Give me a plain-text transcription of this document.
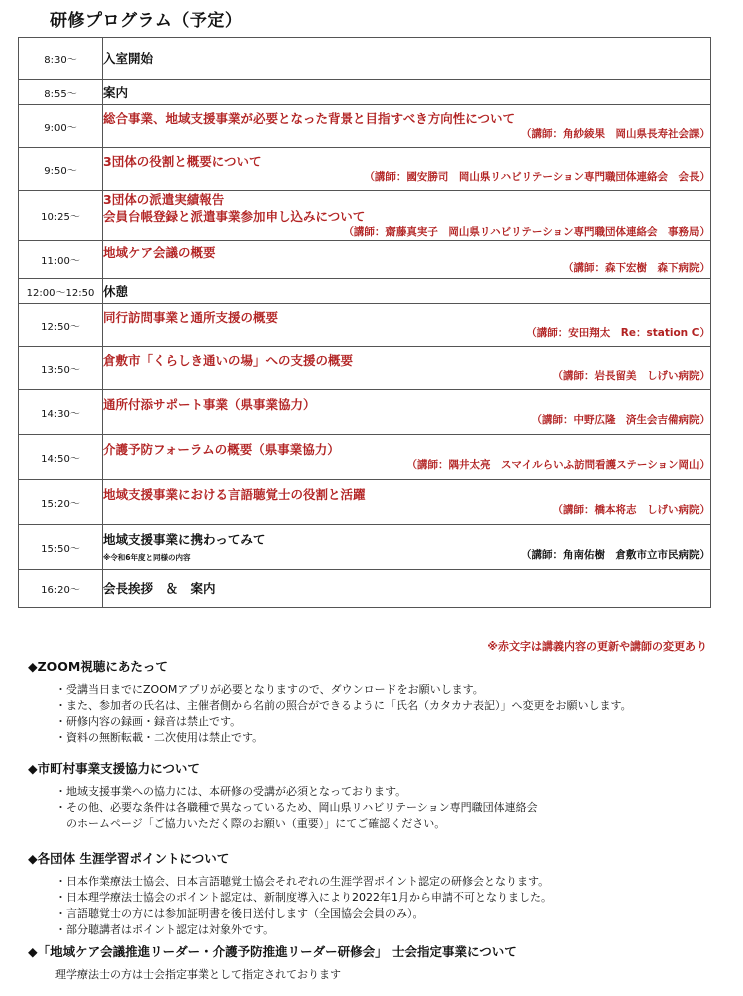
研修プログラム（予定）
8:30～	入室開始

8:55～	案内

9:00～	総合事業、地域支援事業が必要となった背景と目指すべき方向性について
（講師：角紗綾果　岡山県長寿社会課）

9:50～	3団体の役割と概要について
（講師：國安勝司　岡山県リハビリテーション専門職団体連絡会　会長）

10:25～	3団体の派遣実績報告
会員台帳登録と派遣事業参加申し込みについて
（講師：齋藤真実子　岡山県リハビリテーション専門職団体連絡会　事務局）

11:00～	地域ケア会議の概要
（講師：森下宏樹　森下病院）

12:00～12:50	休憩

12:50～	同行訪問事業と通所支援の概要
（講師：安田翔太　Re：station C）

13:50～	倉敷市「くらしき通いの場」への支援の概要
（講師：岩長留美　しげい病院）

14:30～	通所付添サポート事業（県事業協力）
（講師：中野広隆　済生会吉備病院）

14:50～	介護予防フォーラムの概要（県事業協力）
（講師：隅井太亮　スマイルらいふ訪問看護ステーション岡山）

15:20～	地域支援事業における言語聴覚士の役割と活躍
（講師：橋本将志　しげい病院）

15:50～	地域支援事業に携わってみて
※令和6年度と同様の内容 （講師：角南佑樹　倉敷市立市民病院）

16:20～	会長挨拶　＆　案内
※赤文字は講義内容の更新や講師の変更あり
◆ZOOM視聴にあたって
・受講当日までにZOOMアプリが必要となりますので、ダウンロードをお願いします。
・また、参加者の氏名は、主催者側から名前の照合ができるように「氏名（カタカナ表記）」へ変更をお願いします。
・研修内容の録画・録音は禁止です。
・資料の無断転載・二次使用は禁止です。
◆市町村事業支援協力について
・地域支援事業への協力には、本研修の受講が必須となっております。
・その他、必要な条件は各職種で異なっているため、岡山県リハビリテーション専門職団体連絡会
　のホームページ「ご協力いただく際のお願い（重要）」にてご確認ください。
◆各団体 生涯学習ポイントについて
・日本作業療法士協会、日本言語聴覚士協会それぞれの生涯学習ポイント認定の研修会となります。
・日本理学療法士協会のポイント認定は、新制度導入により2022年1月から申請不可となりました。
・言語聴覚士の方には参加証明書を後日送付します（全国協会会員のみ）。
・部分聴講者はポイント認定は対象外です。
◆「地域ケア会議推進リーダー・介護予防推進リーダー研修会」 士会指定事業について
理学療法士の方は士会指定事業として指定されております
